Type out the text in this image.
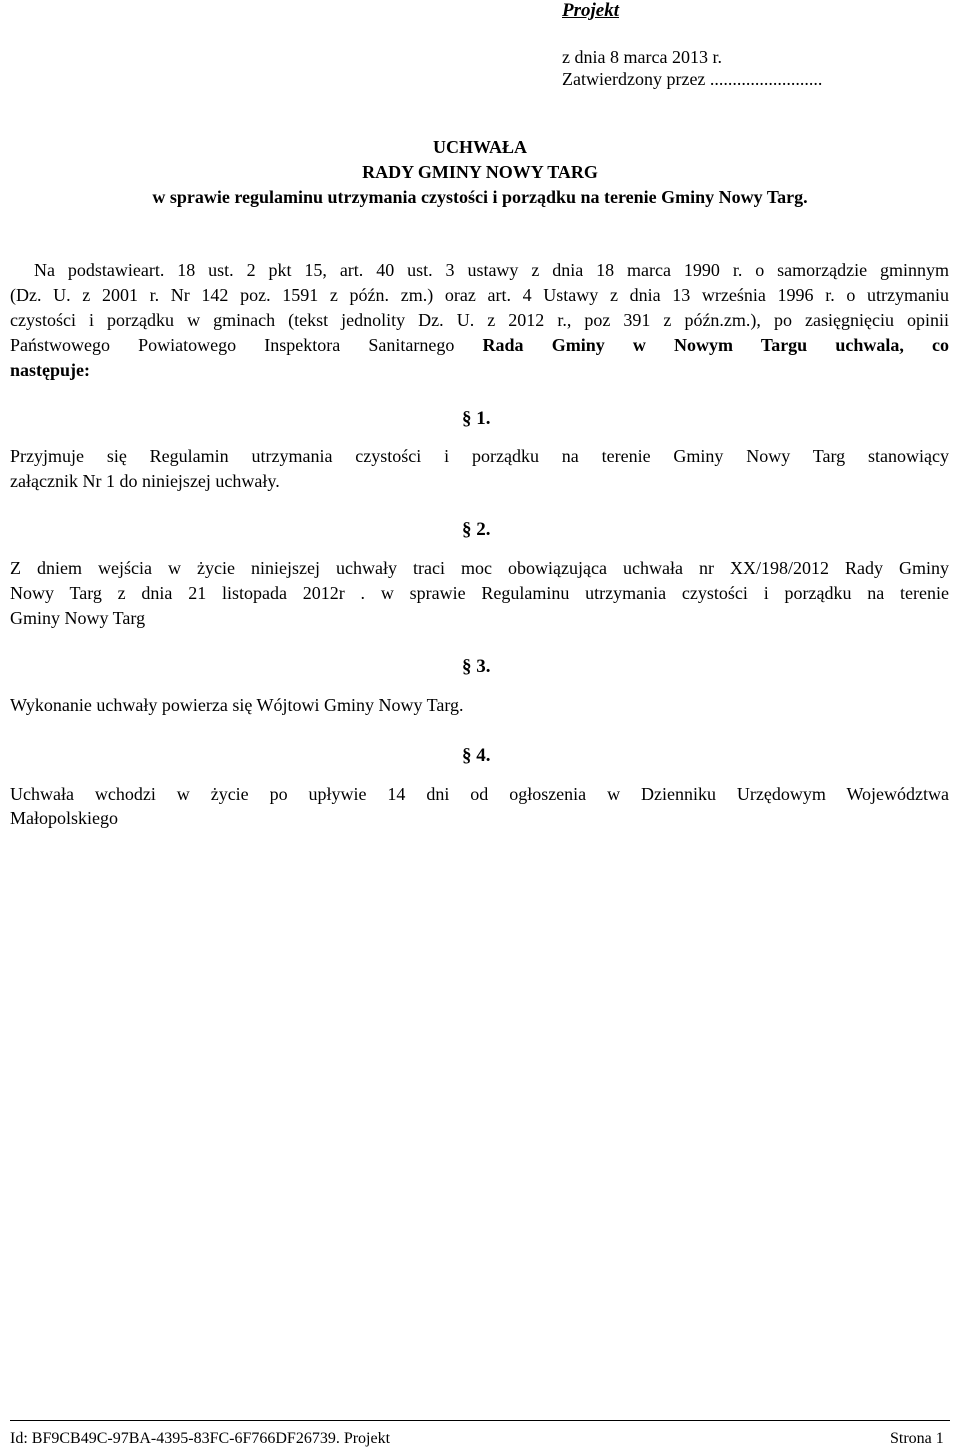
Projekt
z dnia 8 marca 2013 r.
Zatwierdzony przez .........................
UCHWAŁA
RADY GMINY NOWY TARG
w sprawie regulaminu utrzymania czystości i porządku na terenie Gminy Nowy Targ.
Na podstawieart. 18 ust. 2 pkt 15, art. 40 ust. 3 ustawy z dnia 18 marca 1990 r. o samorządzie gminnym
(Dz. U. z 2001 r. Nr 142 poz. 1591 z późn. zm.) oraz art. 4 Ustawy z dnia 13 września 1996 r. o utrzymaniu
czystości i porządku w gminach (tekst jednolity Dz. U. z 2012 r., poz 391 z późn.zm.), po zasięgnięciu opinii
Państwowego Powiatowego Inspektora Sanitarnego Rada Gminy w Nowym Targu uchwala, co
następuje:
§ 1.
Przyjmuje się Regulamin utrzymania czystości i porządku na terenie Gminy Nowy Targ stanowiący
załącznik Nr 1 do niniejszej uchwały.
§ 2.
Z dniem wejścia w życie niniejszej uchwały traci moc obowiązująca uchwała nr XX/198/2012 Rady Gminy
Nowy Targ z dnia 21 listopada 2012r . w sprawie Regulaminu utrzymania czystości i porządku na terenie
Gminy Nowy Targ
§ 3.
Wykonanie uchwały powierza się Wójtowi Gminy Nowy Targ.
§ 4.
Uchwała wchodzi w życie po upływie 14 dni od ogłoszenia w Dzienniku Urzędowym Województwa
Małopolskiego
Id: BF9CB49C-97BA-4395-83FC-6F766DF26739. Projekt	Strona 1
